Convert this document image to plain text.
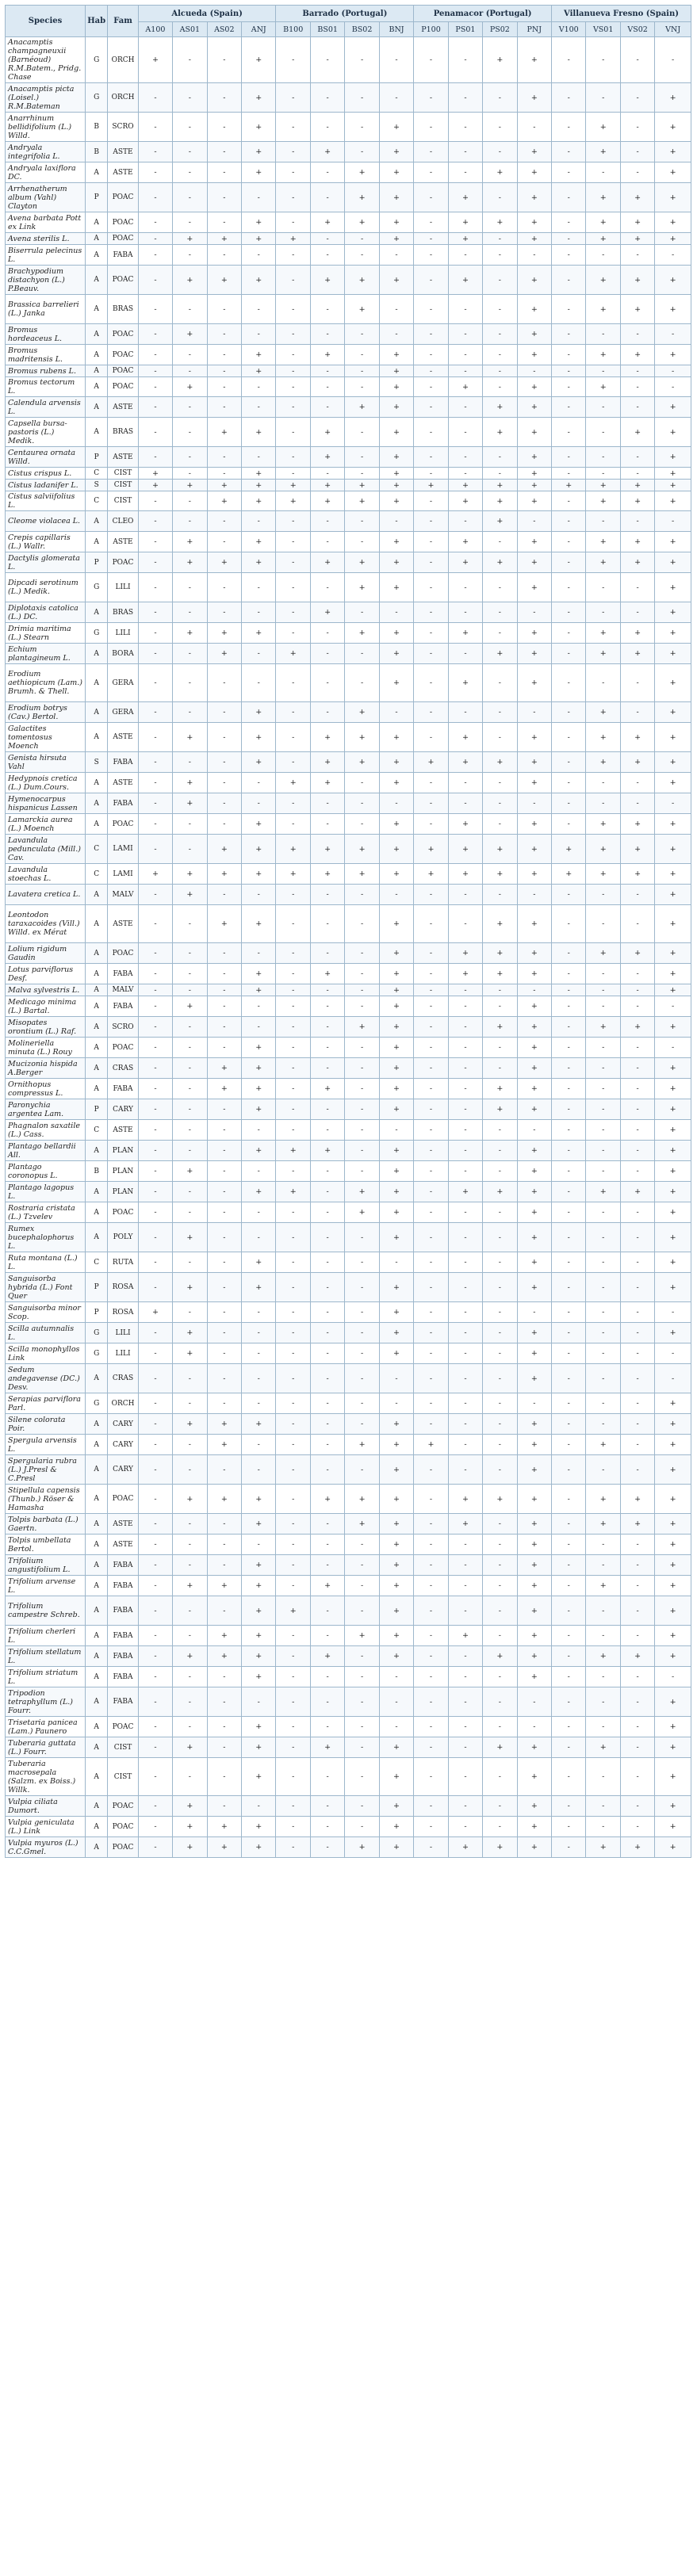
Species	Hab	Fam	Alcueda (Spain)				Barrado (Portugal)				Penamacor (Portugal)				Villanueva Fresno (Spain)			
			A100	AS01	AS02	ANJ	B100	BS01	BS02	BNJ	P100	PS01	PS02	PNJ	V100	VS01	VS02	VNJ
Anacamptis champagneuxii (Barnéoud) R.M.Batem., Pridg. Chase	G	ORCH	+	-	-	+	-	-	-	-	-	-	+	+	-	-	-	-
Anacamptis picta (Loisel.) R.M.Bateman	G	ORCH	-	-	-	+	-	-	-	-	-	-	-	+	-	-	-	+
Anarrhinum bellidifolium (L.) Willd.	B	SCRO	-	-	-	+	-	-	-	+	-	-	-	-	-	+	-	+
Andryala integrifolia L.	B	ASTE	-	-	-	+	-	+	-	+	-	-	-	+	-	+	-	+
Andryala laxiflora DC.	A	ASTE	-	-	-	+	-	-	+	+	-	-	+	+	-	-	-	+
Arrhenatherum album (Vahl) Clayton	P	POAC	-	-	-	-	-	-	+	+	-	+	-	+	-	+	+	+
Avena barbata Pott ex Link	A	POAC	-	-	-	+	-	+	+	+	-	+	+	+	-	+	+	+
Avena sterilis L.	A	POAC	-	+	+	+	+	-	-	+	-	+	-	+	-	+	+	+
Biserrula pelecinus L.	A	FABA	-	-	-	-	-	-	-	-	-	-	-	-	-	-	-	-
Brachypodium distachyon (L.) P.Beauv.	A	POAC	-	+	+	+	-	+	+	+	-	+	-	+	-	+	+	+
Brassica barrelieri (L.) Janka	A	BRAS	-	-	-	-	-	-	+	-	-	-	-	+	-	+	+	+
Bromus hordeaceus L.	A	POAC	-	+	-	-	-	-	-	-	-	-	-	+	-	-	-	-
Bromus madritensis L.	A	POAC	-	-	-	+	-	+	-	+	-	-	-	+	-	+	+	+
Bromus rubens L.	A	POAC	-	-	-	+	-	-	-	+	-	-	-	-	-	-	-	-
Bromus tectorum L.	A	POAC	-	+	-	-	-	-	-	+	-	+	-	+	-	+	-	-
Calendula arvensis L.	A	ASTE	-	-	-	-	-	-	+	+	-	-	+	+	-	-	-	+
Capsella bursa-pastoris (L.) Medik.	A	BRAS	-	-	+	+	-	+	-	+	-	-	+	+	-	-	+	+
Centaurea ornata Willd.	P	ASTE	-	-	-	-	-	+	-	+	-	-	-	+	-	-	-	+
Cistus crispus L.	C	CIST	+	-	-	+	-	-	-	+	-	-	-	+	-	-	-	+
Cistus ladanifer L.	S	CIST	+	+	+	+	+	+	+	+	+	+	+	+	+	+	+	+
Cistus salviifolius L.	C	CIST	-	-	+	+	+	+	+	+	-	+	+	+	-	+	+	+
Cleome violacea L.	A	CLEO	-	-	-	-	-	-	-	-	-	-	+	-	-	-	-	-
Crepis capillaris (L.) Wallr.	A	ASTE	-	+	-	+	-	-	-	+	-	+	-	+	-	+	+	+
Dactylis glomerata L.	P	POAC	-	+	+	+	-	+	+	+	-	+	+	+	-	+	+	+
Dipcadi serotinum (L.) Medik.	G	LILI	-	-	-	-	-	-	+	+	-	-	-	+	-	-	-	+
Diplotaxis catolica (L.) DC.	A	BRAS	-	-	-	-	-	+	-	-	-	-	-	-	-	-	-	+
Drimia maritima (L.) Stearn	G	LILI	-	+	+	+	-	-	+	+	-	+	-	+	-	+	+	+
Echium plantagineum L.	A	BORA	-	-	+	-	+	-	-	+	-	-	+	+	-	+	+	+
Erodium aethiopicum (Lam.) Brumh. & Thell.	A	GERA	-	-	-	-	-	-	-	+	-	+	-	+	-	-	-	+
Erodium botrys (Cav.) Bertol.	A	GERA	-	-	-	+	-	-	+	-	-	-	-	-	-	+	-	+
Galactites tomentosus Moench	A	ASTE	-	+	-	+	-	+	+	+	-	+	-	+	-	+	+	+
Genista hirsuta Vahl	S	FABA	-	-	-	+	-	+	+	+	+	+	+	+	-	+	+	+
Hedypnois cretica (L.) Dum.Cours.	A	ASTE	-	+	-	-	+	+	-	+	-	-	-	+	-	-	-	+
Hymenocarpus hispanicus Lassen	A	FABA	-	+	-	-	-	-	-	-	-	-	-	-	-	-	-	-
Lamarckia aurea (L.) Moench	A	POAC	-	-	-	+	-	-	-	+	-	+	-	+	-	+	+	+
Lavandula pedunculata (Mill.) Cav.	C	LAMI	-	-	+	+	+	+	+	+	+	+	+	+	+	+	+	+
Lavandula stoechas L.	C	LAMI	+	+	+	+	+	+	+	+	+	+	+	+	+	+	+	+
Lavatera cretica L.	A	MALV	-	+	-	-	-	-	-	-	-	-	-	-	-	-	-	+
Leontodon taraxacoides (Vill.) Willd. ex Mérat	A	ASTE	-	-	+	+	-	-	-	+	-	-	+	+	-	-	-	+
Lolium rigidum Gaudin	A	POAC	-	-	-	-	-	-	-	+	-	+	+	+	-	+	+	+
Lotus parviflorus Desf.	A	FABA	-	-	-	+	-	+	-	+	-	+	+	+	-	-	-	+
Malva sylvestris L.	A	MALV	-	-	-	+	-	-	-	+	-	-	-	-	-	-	-	+
Medicago minima (L.) Bartal.	A	FABA	-	+	-	-	-	-	-	+	-	-	-	+	-	-	-	-
Misopates orontium (L.) Raf.	A	SCRO	-	-	-	-	-	-	+	+	-	-	+	+	-	+	+	+
Molineriella minuta (L.) Rouy	A	POAC	-	-	-	+	-	-	-	+	-	-	-	+	-	-	-	-
Mucizonia hispida A.Berger	A	CRAS	-	-	+	+	-	-	-	+	-	-	-	+	-	-	-	+
Ornithopus compressus L.	A	FABA	-	-	+	+	-	+	-	+	-	-	+	+	-	-	-	+
Paronychia argentea Lam.	P	CARY	-	-	-	+	-	-	-	+	-	-	+	+	-	-	-	+
Phagnalon saxatile (L.) Cass.	C	ASTE	-	-	-	-	-	-	-	-	-	-	-	-	-	-	-	+
Plantago bellardii All.	A	PLAN	-	-	-	+	+	+	-	+	-	-	-	+	-	-	-	+
Plantago coronopus L.	B	PLAN	-	+	-	-	-	-	-	+	-	-	-	+	-	-	-	+
Plantago lagopus L.	A	PLAN	-	-	-	+	+	-	+	+	-	+	+	+	-	+	+	+
Rostraria cristata (L.) Tzvelev	A	POAC	-	-	-	-	-	-	+	+	-	-	-	+	-	-	-	+
Rumex bucephalophorus L.	A	POLY	-	+	-	-	-	-	-	+	-	-	-	+	-	-	-	+
Ruta montana (L.) L.	C	RUTA	-	-	-	+	-	-	-	-	-	-	-	+	-	-	-	+
Sanguisorba hybrida (L.) Font Quer	P	ROSA	-	+	-	+	-	-	-	+	-	-	-	+	-	-	-	+
Sanguisorba minor Scop.	P	ROSA	+	-	-	-	-	-	-	+	-	-	-	-	-	-	-	-
Scilla autumnalis L.	G	LILI	-	+	-	-	-	-	-	+	-	-	-	+	-	-	-	+
Scilla monophyllos Link	G	LILI	-	+	-	-	-	-	-	+	-	-	-	+	-	-	-	-
Sedum andegavense (DC.) Desv.	A	CRAS	-	-	-	-	-	-	-	-	-	-	-	+	-	-	-	-
Serapias parviflora Parl.	G	ORCH	-	-	-	-	-	-	-	-	-	-	-	-	-	-	-	+
Silene colorata Poir.	A	CARY	-	+	+	+	-	-	-	+	-	-	-	+	-	-	-	+
Spergula arvensis L.	A	CARY	-	-	+	-	-	-	+	+	+	-	-	+	-	+	-	+
Spergularia rubra (L.) J.Presl & C.Presl	A	CARY	-	-	-	-	-	-	-	+	-	-	-	+	-	-	-	+
Stipellula capensis (Thunb.) Röser & Hamasha	A	POAC	-	+	+	+	-	+	+	+	-	+	+	+	-	+	+	+
Tolpis barbata (L.) Gaertn.	A	ASTE	-	-	-	+	-	-	+	+	-	+	-	+	-	+	+	+
Tolpis umbellata Bertol.	A	ASTE	-	-	-	-	-	-	-	+	-	-	-	+	-	-	-	+
Trifolium angustifolium L.	A	FABA	-	-	-	+	-	-	-	+	-	-	-	+	-	-	-	+
Trifolium arvense L.	A	FABA	-	+	+	+	-	+	-	+	-	-	-	+	-	+	-	+
Trifolium campestre Schreb.	A	FABA	-	-	-	+	+	-	-	+	-	-	-	+	-	-	-	+
Trifolium cherleri L.	A	FABA	-	-	+	+	-	-	+	+	-	+	-	+	-	-	-	+
Trifolium stellatum L.	A	FABA	-	+	+	+	-	+	-	+	-	-	+	+	-	+	+	+
Trifolium striatum L.	A	FABA	-	-	-	+	-	-	-	-	-	-	-	+	-	-	-	-
Tripodion tetraphyllum (L.) Fourr.	A	FABA	-	-	-	-	-	-	-	-	-	-	-	-	-	-	-	+
Trisetaria panicea (Lam.) Paunero	A	POAC	-	-	-	+	-	-	-	-	-	-	-	-	-	-	-	+
Tuberaria guttata (L.) Fourr.	A	CIST	-	+	-	+	-	+	-	+	-	-	+	+	-	+	-	+
Tuberaria macrosepala (Salzm. ex Boiss.) Willk.	A	CIST	-	-	-	+	-	-	-	+	-	-	-	+	-	-	-	+
Vulpia ciliata Dumort.	A	POAC	-	+	-	-	-	-	-	+	-	-	-	+	-	-	-	+
Vulpia geniculata (L.) Link	A	POAC	-	+	+	+	-	-	-	+	-	-	-	+	-	-	-	+
Vulpia myuros (L.) C.C.Gmel.	A	POAC	-	+	+	+	-	-	+	+	-	+	+	+	-	+	+	+
